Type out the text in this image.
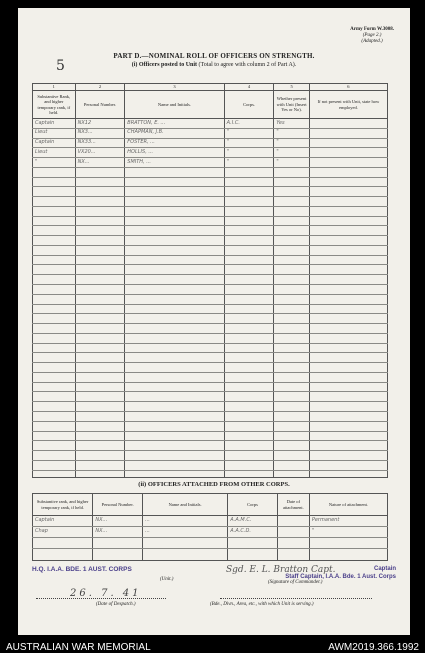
5
Army Form W.3008.
(Page 2.)
(Adapted.)
PART D.—NOMINAL ROLL OF OFFICERS ON STRENGTH.
(i) Officers posted to Unit (Total to agree with column 2 of Part A).
1	2	3	4	5	6
Substantive Rank, and higher temporary rank, if held.	Personal Number.	Name and Initials.	Corps.	Whether present with Unit (Insert Yes or No).	If not present with Unit, state how employed.
Captain	NX12	BRATTON, E. ...	A.I.C.	Yes	
Lieut	NX3...	CHAPMAN, J.B.	"	"	
Captain	NX33...	FOSTER, ...	"	"	
Lieut	VX20...	HOLLIS, ...	"	"	
"	NX...	SMITH, ...	"	"	

(ii) OFFICERS ATTACHED FROM OTHER CORPS.
Substantive rank, and higher temporary rank, if held.	Personal Number.	Name and Initials.	Corps	Date of attachment.	Nature of attachment.
Captain	NX...	...	A.A.M.C.		Permanent
Chap	NX...	...	A.A.C.D.		"

Sgd. E. L. Bratton Capt.
H.Q. I.A.A. BDE. 1 AUST. CORPS
(Unit.)
Captain
Staff Captain, I.A.A. Bde. 1 Aust. Corps
(Signature of Commander.)
26. 7. 41
(Date of Despatch.)	(Bde., Divn., Area, etc., with which Unit is serving.)
AUSTRALIAN WAR MEMORIAL	AWM2019.366.1992
